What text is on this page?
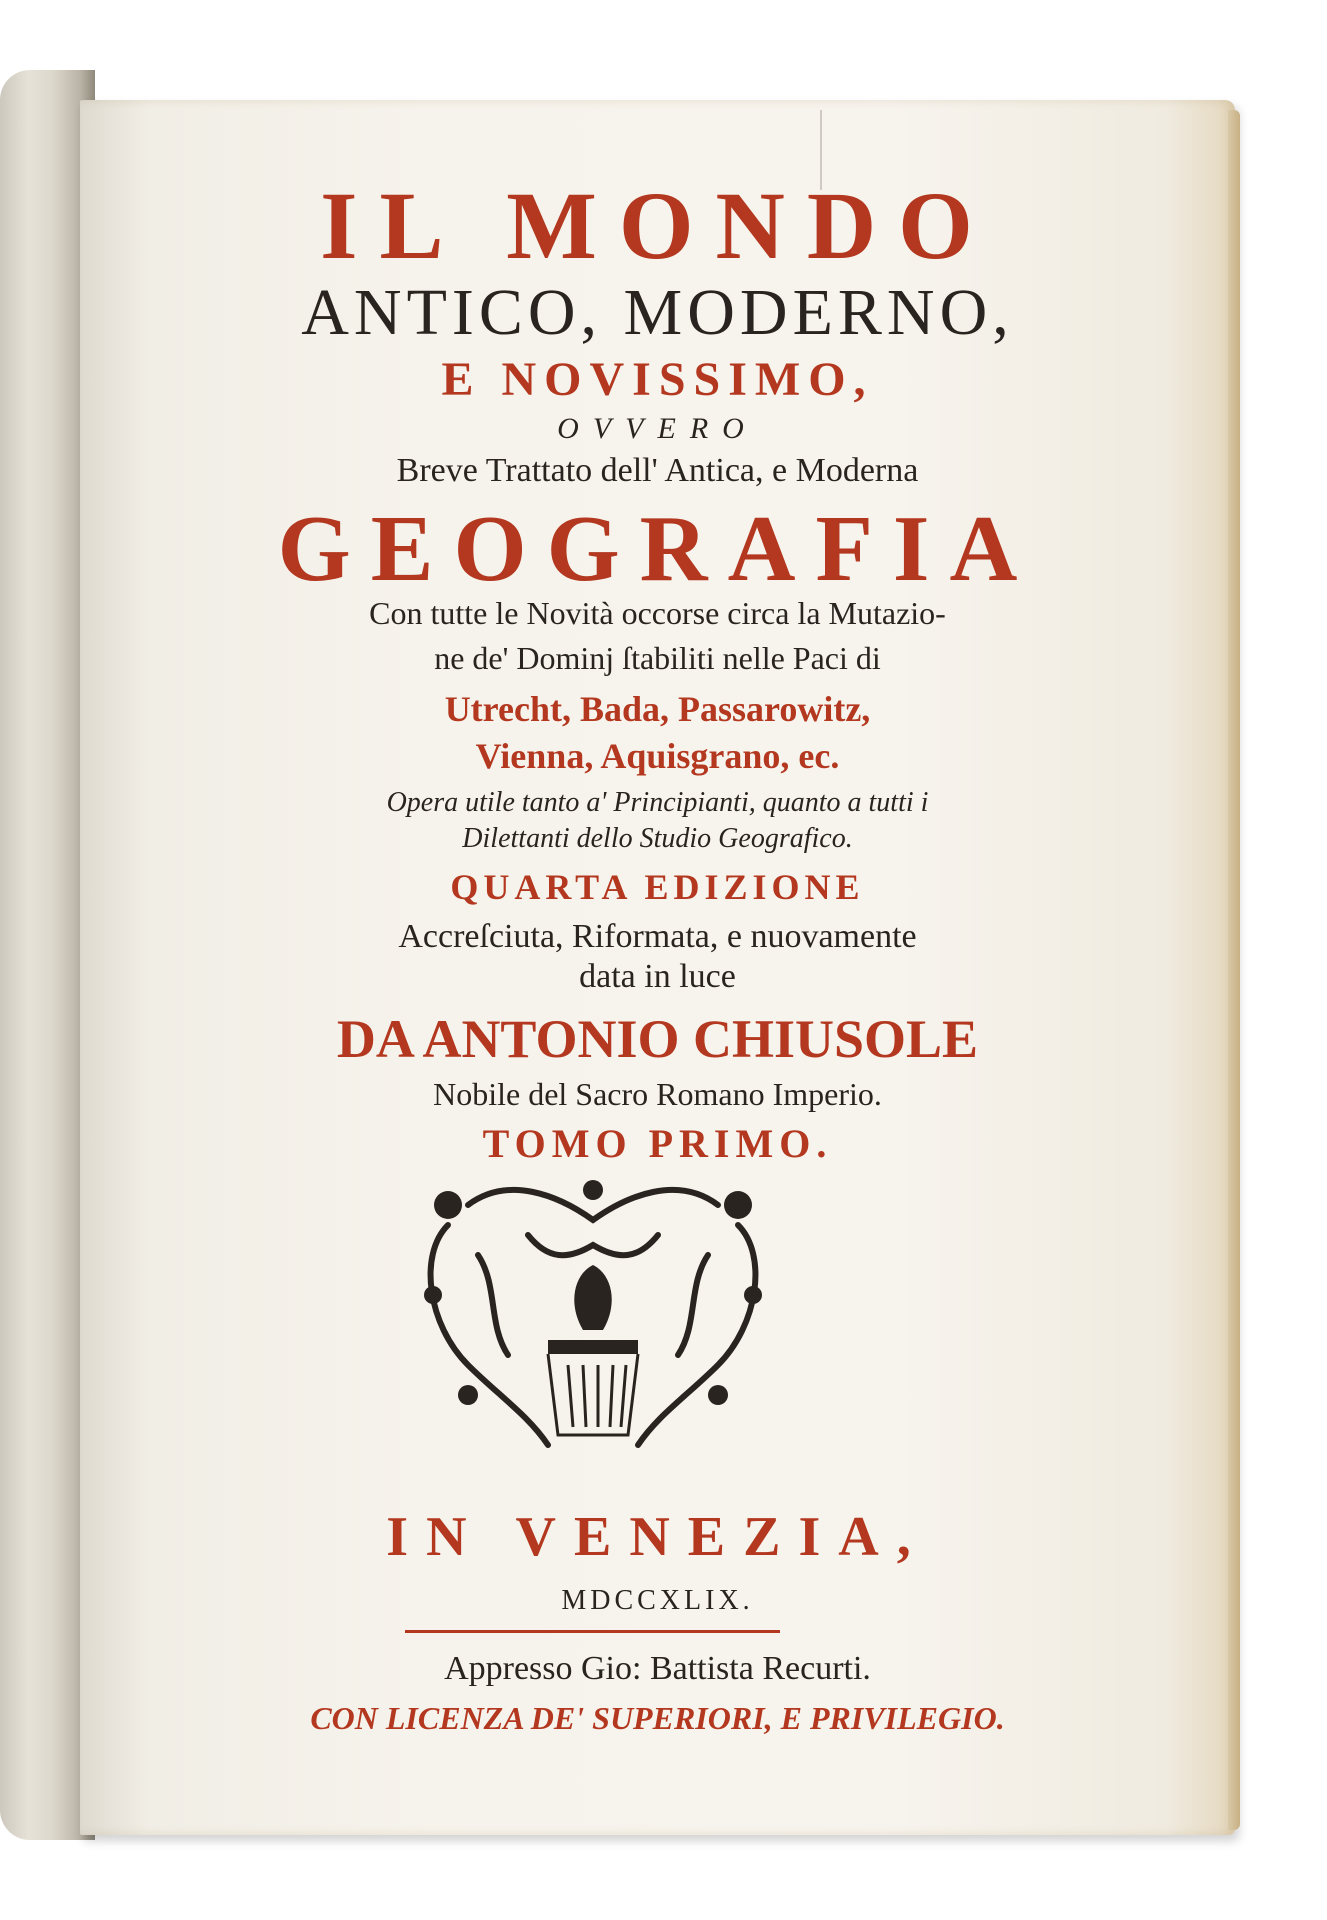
IL MONDO
ANTICO, MODERNO,
E NOVISSIMO,
OVVERO
Breve Trattato dell' Antica, e Moderna
GEOGRAFIA
Con tutte le Novità occorse circa la Mutazio-
ne de' Dominj ſtabiliti nelle Paci di
Utrecht, Bada, Passarowitz,
Vienna, Aquisgrano, ec.
Opera utile tanto a' Principianti, quanto a tutti i
Dilettanti dello Studio Geografico.
QUARTA EDIZIONE
Accreſciuta, Riformata, e nuovamente
data in luce
DA ANTONIO CHIUSOLE
Nobile del Sacro Romano Imperio.
TOMO PRIMO.
IN VENEZIA,
MDCCXLIX.
Appresso Gio: Battista Recurti.
CON LICENZA DE' SUPERIORI, E PRIVILEGIO.
